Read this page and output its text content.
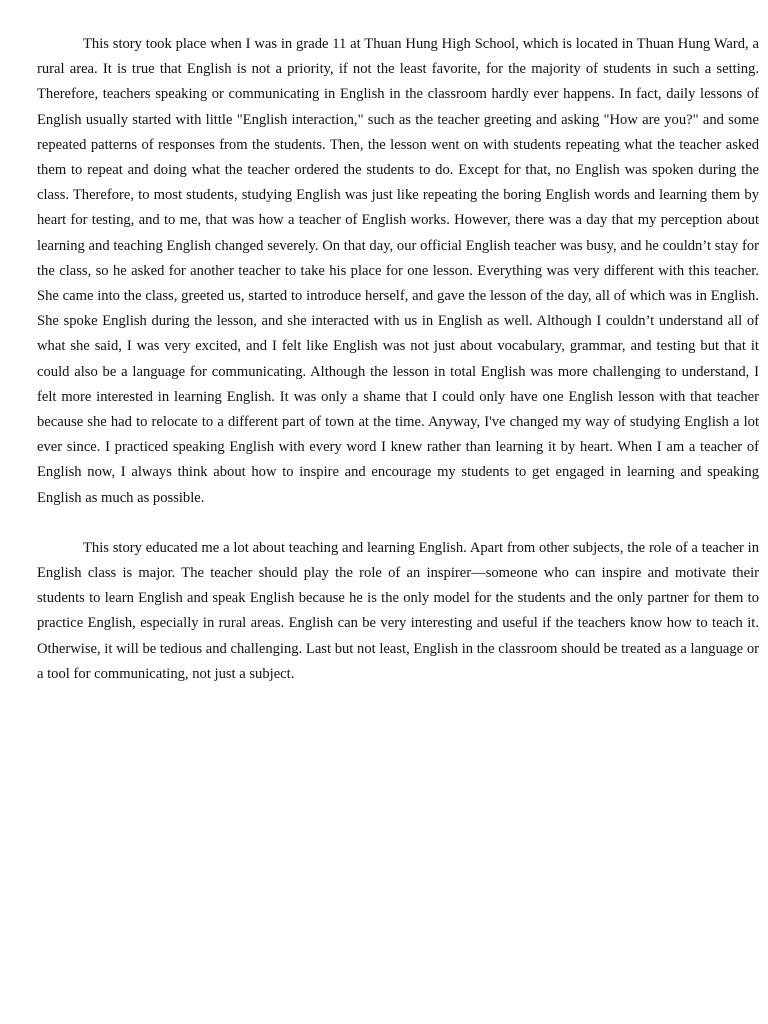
This story took place when I was in grade 11 at Thuan Hung High School, which is located in Thuan Hung Ward, a rural area. It is true that English is not a priority, if not the least favorite, for the majority of students in such a setting. Therefore, teachers speaking or communicating in English in the classroom hardly ever happens. In fact, daily lessons of English usually started with little "English interaction," such as the teacher greeting and asking "How are you?" and some repeated patterns of responses from the students. Then, the lesson went on with students repeating what the teacher asked them to repeat and doing what the teacher ordered the students to do. Except for that, no English was spoken during the class. Therefore, to most students, studying English was just like repeating the boring English words and learning them by heart for testing, and to me, that was how a teacher of English works. However, there was a day that my perception about learning and teaching English changed severely. On that day, our official English teacher was busy, and he couldn’t stay for the class, so he asked for another teacher to take his place for one lesson. Everything was very different with this teacher. She came into the class, greeted us, started to introduce herself, and gave the lesson of the day, all of which was in English. She spoke English during the lesson, and she interacted with us in English as well. Although I couldn’t understand all of what she said, I was very excited, and I felt like English was not just about vocabulary, grammar, and testing but that it could also be a language for communicating. Although the lesson in total English was more challenging to understand, I felt more interested in learning English. It was only a shame that I could only have one English lesson with that teacher because she had to relocate to a different part of town at the time. Anyway, I've changed my way of studying English a lot ever since. I practiced speaking English with every word I knew rather than learning it by heart. When I am a teacher of English now, I always think about how to inspire and encourage my students to get engaged in learning and speaking English as much as possible.

This story educated me a lot about teaching and learning English. Apart from other subjects, the role of a teacher in English class is major. The teacher should play the role of an inspirer—someone who can inspire and motivate their students to learn English and speak English because he is the only model for the students and the only partner for them to practice English, especially in rural areas. English can be very interesting and useful if the teachers know how to teach it. Otherwise, it will be tedious and challenging. Last but not least, English in the classroom should be treated as a language or a tool for communicating, not just a subject.
